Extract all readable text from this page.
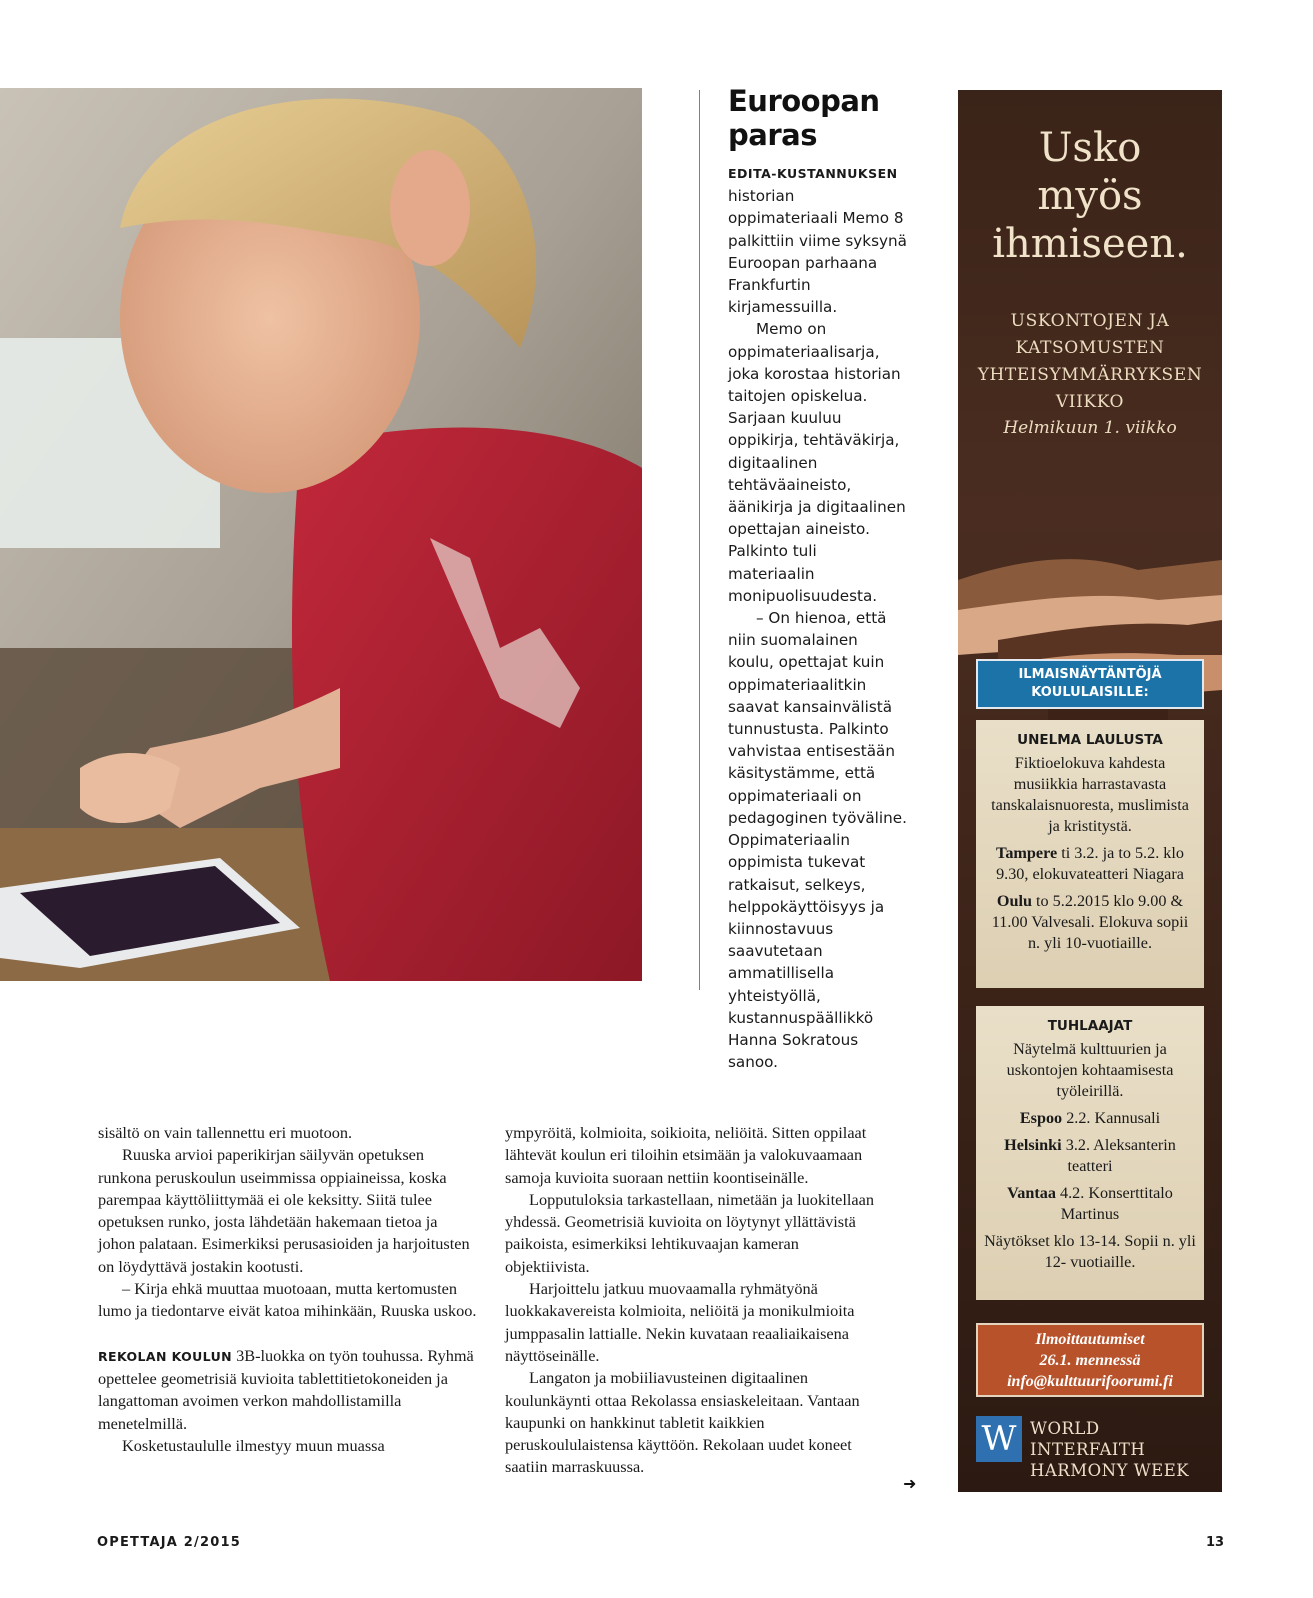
Euroopan paras

EDITA-KUSTANNUKSEN
historian oppimateriaali Memo 8 palkittiin viime syksynä Euroopan parhaana Frankfurtin kirjamessuilla.

Memo on oppimateriaalisarja, joka korostaa historian taitojen opiskelua. Sarjaan kuuluu oppikirja, tehtäväkirja, digitaalinen tehtäväaineisto, äänikirja ja digitaalinen opettajan aineisto. Palkinto tuli materiaalin monipuolisuudesta.

– On hienoa, että niin suomalainen koulu, opettajat kuin oppimateriaalitkin saavat kansainvälistä tunnustusta. Palkinto vahvistaa entisestään käsitystämme, että oppimateriaali on pedagoginen työväline. Oppimateriaalin oppimista tukevat ratkaisut, selkeys, helppokäyttöisyys ja kiinnostavuus saavutetaan ammatillisella yhteistyöllä, kustannuspäällikkö Hanna Sokratous sanoo.

sisältö on vain tallennettu eri muotoon.

Ruuska arvioi paperikirjan säilyvän opetuksen runkona peruskoulun useimmissa oppiaineissa, koska parempaa käyttöliittymää ei ole keksitty. Siitä tulee opetuksen runko, josta lähdetään hakemaan tietoa ja johon palataan. Esimerkiksi perusasioiden ja harjoitusten on löydyttävä jostakin kootusti.

– Kirja ehkä muuttaa muotoaan, mutta kertomusten lumo ja tiedontarve eivät katoa mihinkään, Ruuska uskoo.

REKOLAN KOULUN 3B-luokka on työn touhussa. Ryhmä opettelee geometrisiä kuvioita tablettitietokoneiden ja langattoman avoimen verkon mahdollistamilla menetelmillä.

Kosketustaululle ilmestyy muun muassa

ympyröitä, kolmioita, soikioita, neliöitä. Sitten oppilaat lähtevät koulun eri tiloihin etsimään ja valokuvaamaan samoja kuvioita suoraan nettiin koontiseinälle.

Lopputuloksia tarkastellaan, nimetään ja luokitellaan yhdessä. Geometrisiä kuvioita on löytynyt yllättävistä paikoista, esimerkiksi lehtikuvaajan kameran objektiivista.

Harjoittelu jatkuu muovaamalla ryhmätyönä luokkakavereista kolmioita, neliöitä ja monikulmioita jumppasalin lattialle. Nekin kuvataan reaaliaikaisena näyttöseinälle.

Langaton ja mobiiliavusteinen digitaalinen koulunkäynti ottaa Rekolassa ensiaskeleitaan. Vantaan kaupunki on hankkinut tabletit kaikkien peruskoululaistensa käyttöön. Rekolaan uudet koneet saatiin marraskuussa.

➜
Usko
myös
ihmiseen.
USKONTOJEN JA
KATSOMUSTEN
YHTEISYMMÄRRYKSEN
VIIKKO
Helmikuun 1. viikko
ILMAISNÄYTÄNTÖJÄ
KOULULAISILLE:
UNELMA LAULUSTA

Fiktioelokuva kahdesta musiikkia harrastavasta tanskalaisnuoresta, muslimista ja kristitystä.

Tampere ti 3.2. ja to 5.2. klo 9.30, elokuvateatteri Niagara

Oulu to 5.2.2015 klo 9.00 & 11.00 Valvesali. Elokuva sopii n. yli 10-vuotiaille.

TUHLAAJAT

Näytelmä kulttuurien ja uskontojen kohtaamisesta työleirillä.

Espoo 2.2. Kannusali

Helsinki 3.2. Aleksanterin teatteri

Vantaa 4.2. Konserttitalo Martinus

Näytökset klo 13-14. Sopii n. yli 12- vuotiaille.

Ilmoittautumiset
26.1. mennessä
info@kulttuurifoorumi.fi
W WORLD INTERFAITH
HARMONY WEEK
OPETTAJA 2/2015	13
